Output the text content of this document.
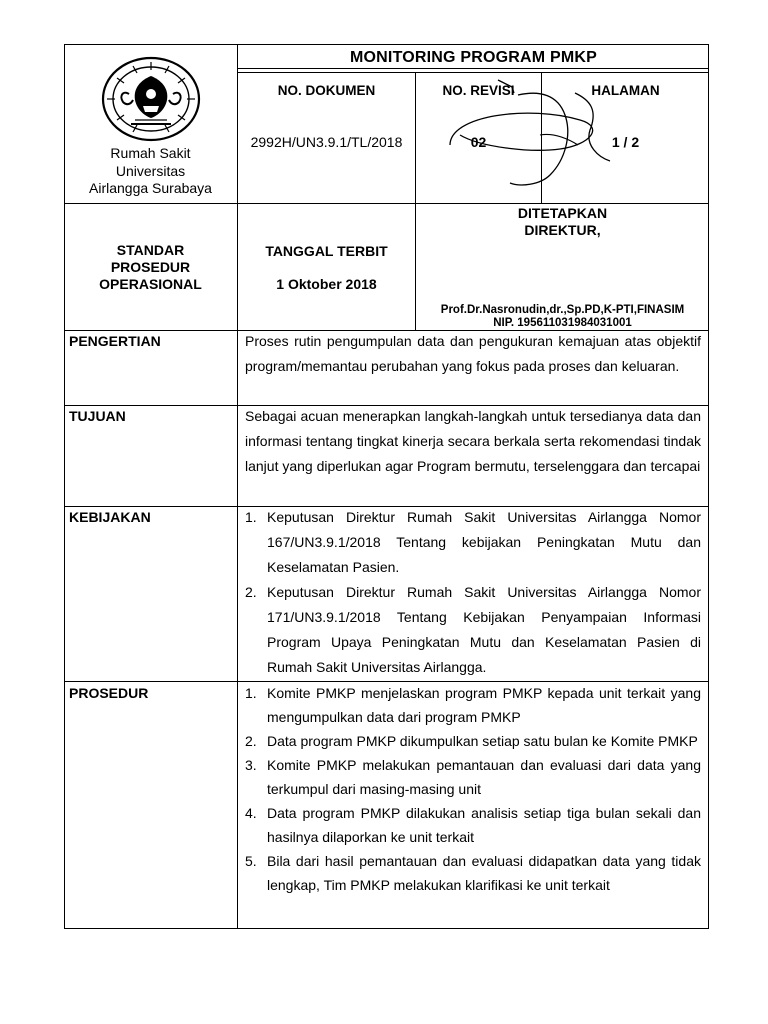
MONITORING PROGRAM PMKP
Rumah Sakit
Universitas
Airlangga Surabaya
NO. DOKUMEN	NO. REVISI	HALAMAN
2992H/UN3.9.1/TL/2018	02	1 / 2
STANDAR
PROSEDUR
OPERASIONAL
TANGGAL TERBIT
1 Oktober 2018
DITETAPKAN
DIREKTUR,
Prof.Dr.Nasronudin,dr.,Sp.PD,K-PTI,FINASIM
NIP. 195611031984031001
PENGERTIAN	Proses rutin pengumpulan data dan pengukuran kemajuan atas objektif program/memantau perubahan yang fokus pada proses dan keluaran.
TUJUAN	Sebagai acuan menerapkan langkah-langkah untuk tersedianya data dan informasi tentang tingkat kinerja secara berkala serta rekomendasi tindak lanjut yang diperlukan agar Program bermutu, terselenggara dan tercapai
KEBIJAKAN	1. Keputusan Direktur Rumah Sakit Universitas Airlangga Nomor 167/UN3.9.1/2018 Tentang kebijakan Peningkatan Mutu dan Keselamatan Pasien.
2. Keputusan Direktur Rumah Sakit Universitas Airlangga Nomor 171/UN3.9.1/2018 Tentang Kebijakan Penyampaian Informasi Program Upaya Peningkatan Mutu dan Keselamatan Pasien di Rumah Sakit Universitas Airlangga.
PROSEDUR	1. Komite PMKP menjelaskan program PMKP kepada unit terkait yang mengumpulkan data dari program PMKP
2. Data program PMKP dikumpulkan setiap satu bulan ke Komite PMKP
3. Komite PMKP melakukan pemantauan dan evaluasi dari data yang terkumpul dari masing-masing unit
4. Data program PMKP dilakukan analisis setiap tiga bulan sekali dan hasilnya dilaporkan ke unit terkait
5. Bila dari hasil pemantauan dan evaluasi didapatkan data yang tidak lengkap, Tim PMKP melakukan klarifikasi ke unit terkait
